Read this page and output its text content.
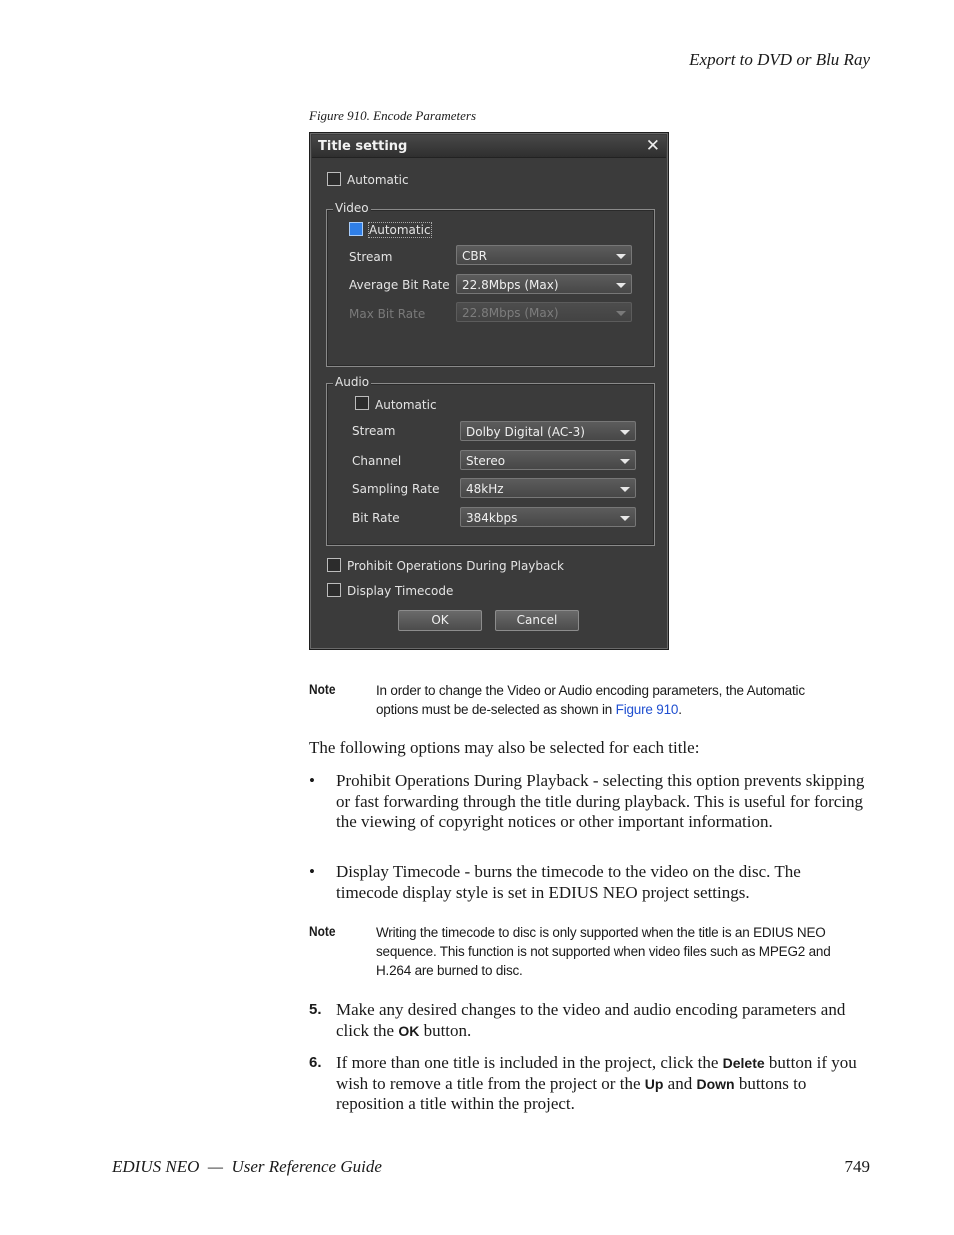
Export to DVD or Blu Ray
Figure 910. Encode Parameters
Title setting	✕
Automatic
Video
Automatic
Stream	CBR
Average Bit Rate	22.8Mbps (Max)
Max Bit Rate	22.8Mbps (Max)
Audio
Automatic
Stream	Dolby Digital (AC-3)
Channel	Stereo
Sampling Rate	48kHz
Bit Rate	384kbps
Prohibit Operations During Playback
Display Timecode
OK	Cancel
Note	In order to change the Video or Audio encoding parameters, the Automatic options must be de-selected as shown in Figure 910.
The following options may also be selected for each title:
• Prohibit Operations During Playback - selecting this option prevents skipping or fast forwarding through the title during playback. This is useful for forcing the viewing of copyright notices or other important information.
• Display Timecode - burns the timecode to the video on the disc. The timecode display style is set in EDIUS NEO project settings.
Note	Writing the timecode to disc is only supported when the title is an EDIUS NEO sequence. This function is not supported when video files such as MPEG2 and H.264 are burned to disc.
5. Make any desired changes to the video and audio encoding parameters and click the OK button.
6. If more than one title is included in the project, click the Delete button if you wish to remove a title from the project or the Up and Down buttons to reposition a title within the project.
EDIUS NEO  —  User Reference Guide	749
